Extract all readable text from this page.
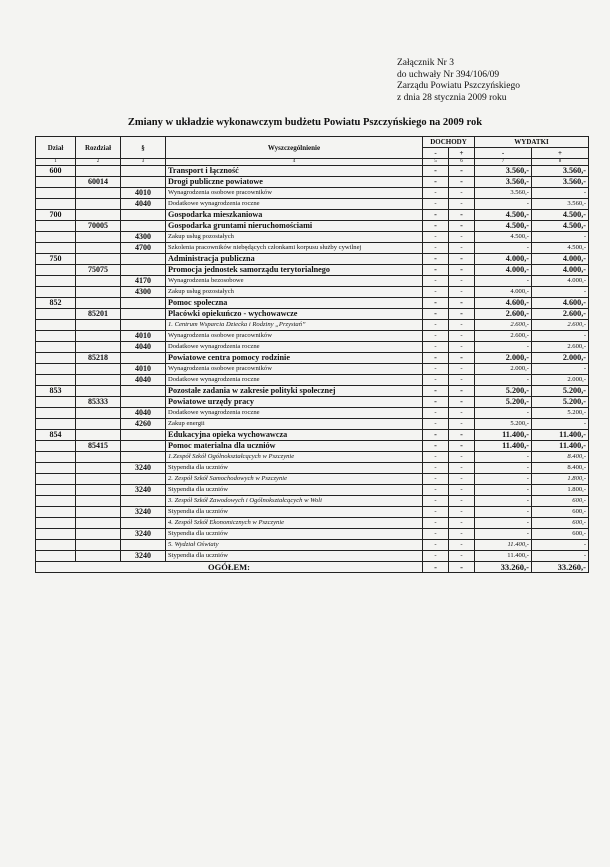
Załącznik Nr 3
do uchwały Nr 394/106/09
Zarządu Powiatu Pszczyńskiego
z dnia 28 stycznia 2009 roku
Zmiany w układzie wykonawczym budżetu Powiatu Pszczyńskiego na 2009 rok
Dział	Rozdział	§	Wyszczególnienie	DOCHODY		WYDATKI	
				-	+	-	+
1	2	3	4	5	6	7	8
600			Transport i łączność	-	-	3.560,-	3.560,-
	60014		Drogi publiczne powiatowe	-	-	3.560,-	3.560,-
		4010	Wynagrodzenia osobowe pracowników	-	-	3.560,-	-
		4040	Dodatkowe wynagrodzenia roczne	-	-	-	3.560,-
700			Gospodarka mieszkaniowa	-	-	4.500,-	4.500,-
	70005		Gospodarka gruntami nieruchomościami	-	-	4.500,-	4.500,-
		4300	Zakup usług pozostałych	-	-	4.500,-	-
		4700	Szkolenia pracowników niebędących członkami korpusu służby cywilnej	-	-	-	4.500,-
750			Administracja publiczna	-	-	4.000,-	4.000,-
	75075		Promocja jednostek samorządu terytorialnego	-	-	4.000,-	4.000,-
		4170	Wynagrodzenia bezosobowe	-	-	-	4.000,-
		4300	Zakup usług pozostałych	-	-	4.000,-	-
852			Pomoc społeczna	-	-	4.600,-	4.600,-
	85201		Placówki opiekuńczo - wychowawcze	-	-	2.600,-	2.600,-
			1. Centrum Wsparcia Dziecka i Rodziny „Przystań”	-	-	2.600,-	2.600,-
		4010	Wynagrodzenia osobowe pracowników	-	-	2.600,-	-
		4040	Dodatkowe wynagrodzenia roczne	-	-	-	2.600,-
	85218		Powiatowe centra pomocy rodzinie	-	-	2.000,-	2.000,-
		4010	Wynagrodzenia osobowe pracowników	-	-	2.000,-	-
		4040	Dodatkowe wynagrodzenia roczne	-	-	-	2.000,-
853			Pozostałe zadania w zakresie polityki społecznej	-	-	5.200,-	5.200,-
	85333		Powiatowe urzędy pracy	-	-	5.200,-	5.200,-
		4040	Dodatkowe wynagrodzenia roczne	-	-	-	5.200,-
		4260	Zakup energii	-	-	5.200,-	-
854			Edukacyjna opieka wychowawcza	-	-	11.400,-	11.400,-
	85415		Pomoc materialna dla uczniów	-	-	11.400,-	11.400,-
			1.Zespół Szkół Ogólnokształcących w Pszczynie	-	-	-	8.400,-
		3240	Stypendia dla uczniów	-	-	-	8.400,-
			2. Zespół Szkół Samochodowych w Pszczynie	-	-	-	1.800,-
		3240	Stypendia dla uczniów	-	-	-	1.800,-
			3. Zespół Szkół Zawodowych i Ogólnokształcących w Woli	-	-	-	600,-
		3240	Stypendia dla uczniów	-	-	-	600,-
			4. Zespół Szkół Ekonomicznych w Pszczynie	-	-	-	600,-
		3240	Stypendia dla uczniów	-	-	-	600,-
			5. Wydział Oświaty	-	-	11.400,-	-
		3240	Stypendia dla uczniów	-	-	11.400,-	-
OGÓŁEM:				-	-	33.260,-	33.260,-
